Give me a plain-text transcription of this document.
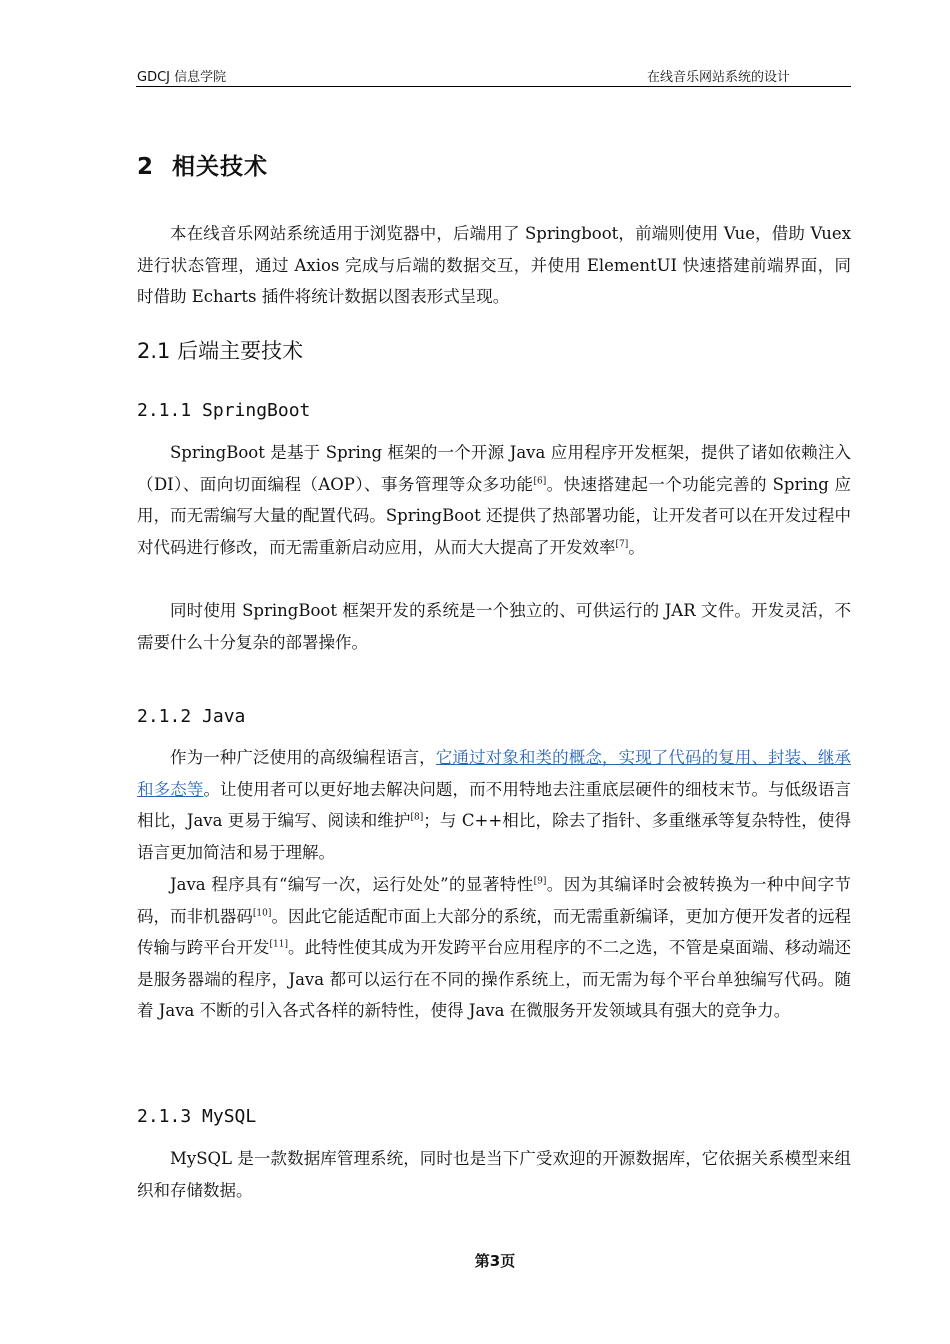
GDCJ 信息学院	在线音乐网站系统的设计
2  相关技术

本在线音乐网站系统适用于浏览器中，后端用了 Springboot，前端则使用 Vue，借助 Vuex 进行状态管理，通过 Axios 完成与后端的数据交互，并使用 ElementUI 快速搭建前端界面，同时借助 Echarts 插件将统计数据以图表形式呈现。

2.1 后端主要技术
2.1.1 SpringBoot

SpringBoot 是基于 Spring 框架的一个开源 Java 应用程序开发框架，提供了诸如依赖注入（DI）、面向切面编程（AOP）、事务管理等众多功能[6]。快速搭建起一个功能完善的 Spring 应用，而无需编写大量的配置代码。SpringBoot 还提供了热部署功能，让开发者可以在开发过程中对代码进行修改，而无需重新启动应用，从而大大提高了开发效率[7]。

同时使用 SpringBoot 框架开发的系统是一个独立的、可供运行的 JAR 文件。开发灵活，不需要什么十分复杂的部署操作。

2.1.2 Java

作为一种广泛使用的高级编程语言，它通过对象和类的概念，实现了代码的复用、封装、继承和多态等。让使用者可以更好地去解决问题，而不用特地去注重底层硬件的细枝末节。与低级语言相比，Java 更易于编写、阅读和维护[8]；与 C++相比，除去了指针、多重继承等复杂特性，使得语言更加简洁和易于理解。

Java 程序具有“编写一次，运行处处”的显著特性[9]。因为其编译时会被转换为一种中间字节码，而非机器码[10]。因此它能适配市面上大部分的系统，而无需重新编译，更加方便开发者的远程传输与跨平台开发[11]。此特性使其成为开发跨平台应用程序的不二之选，不管是桌面端、移动端还是服务器端的程序，Java 都可以运行在不同的操作系统上，而无需为每个平台单独编写代码。随着 Java 不断的引入各式各样的新特性，使得 Java 在微服务开发领域具有强大的竞争力。

2.1.3 MySQL

MySQL 是一款数据库管理系统，同时也是当下广受欢迎的开源数据库，它依据关系模型来组织和存储数据。

第3页
